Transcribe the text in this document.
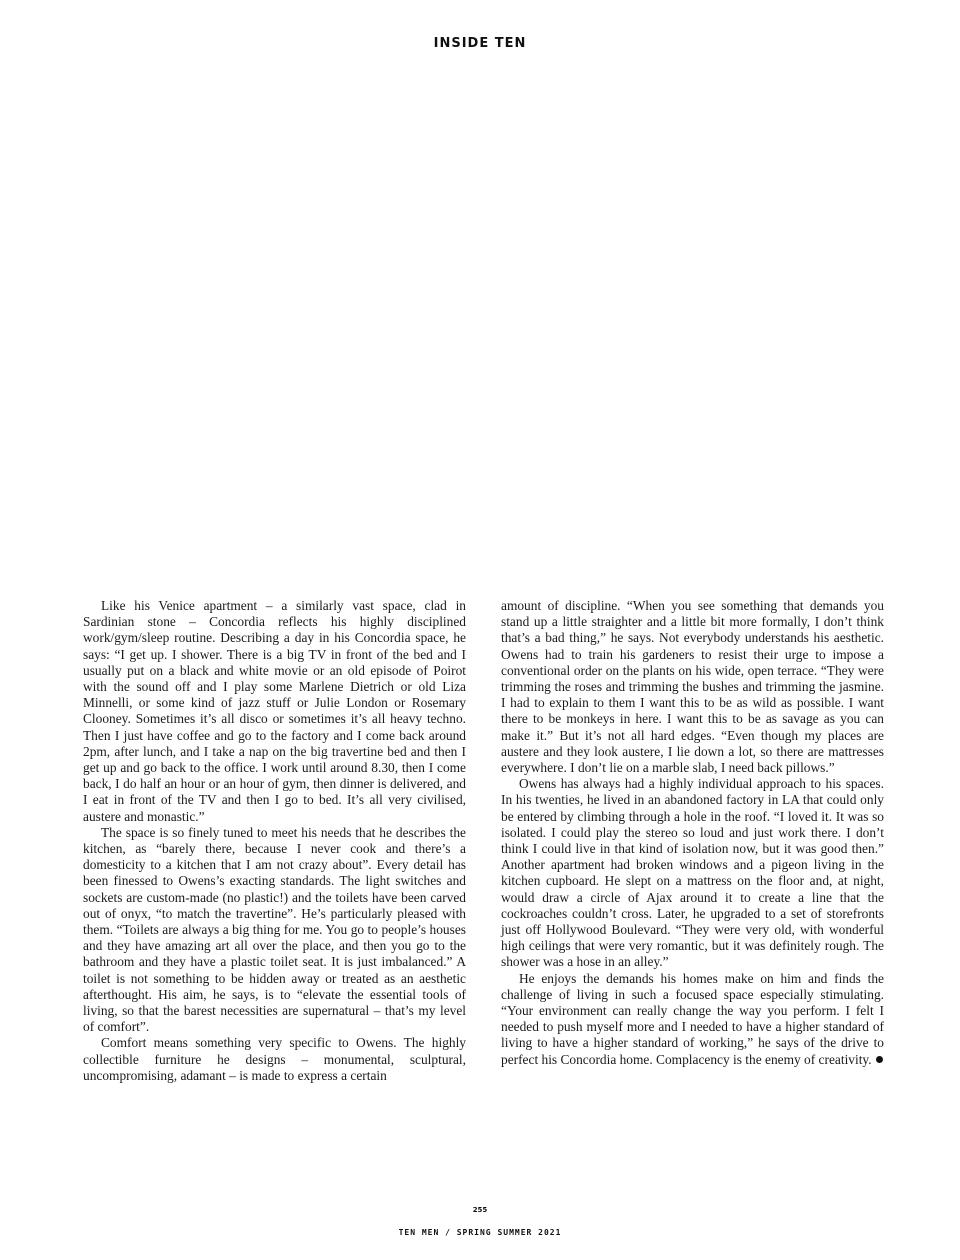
INSIDE TEN

Like his Venice apartment – a similarly vast space, clad in Sardinian stone – Concordia reflects his highly disciplined work/gym/sleep routine. Describing a day in his Concordia space, he says: “I get up. I shower. There is a big TV in front of the bed and I usually put on a black and white movie or an old episode of Poirot with the sound off and I play some Marlene Dietrich or old Liza Minnelli, or some kind of jazz stuff or Julie London or Rosemary Clooney. Sometimes it’s all disco or sometimes it’s all heavy techno. Then I just have coffee and go to the factory and I come back around 2pm, after lunch, and I take a nap on the big travertine bed and then I get up and go back to the office. I work until around 8.30, then I come back, I do half an hour or an hour of gym, then dinner is delivered, and I eat in front of the TV and then I go to bed. It’s all very civilised, austere and monastic.”

The space is so finely tuned to meet his needs that he describes the kitchen, as “barely there, because I never cook and there’s a domesticity to a kitchen that I am not crazy about”. Every detail has been finessed to Owens’s exacting standards. The light switches and sockets are custom-made (no plastic!) and the toilets have been carved out of onyx, “to match the travertine”. He’s particularly pleased with them. “Toilets are always a big thing for me. You go to people’s houses and they have amazing art all over the place, and then you go to the bathroom and they have a plastic toilet seat. It is just imbalanced.” A toilet is not something to be hidden away or treated as an aesthetic afterthought. His aim, he says, is to “elevate the essential tools of living, so that the barest necessities are supernatural – that’s my level of comfort”.

Comfort means something very specific to Owens. The highly collectible furniture he designs – monumental, sculptural, uncompromising, adamant – is made to express a certain

amount of discipline. “When you see something that demands you stand up a little straighter and a little bit more formally, I don’t think that’s a bad thing,” he says. Not everybody understands his aesthetic. Owens had to train his gardeners to resist their urge to impose a conventional order on the plants on his wide, open terrace. “They were trimming the roses and trimming the bushes and trimming the jasmine. I had to explain to them I want this to be as wild as possible. I want there to be monkeys in here. I want this to be as savage as you can make it.” But it’s not all hard edges. “Even though my places are austere and they look austere, I lie down a lot, so there are mattresses everywhere. I don’t lie on a marble slab, I need back pillows.”

Owens has always had a highly individual approach to his spaces. In his twenties, he lived in an abandoned factory in LA that could only be entered by climbing through a hole in the roof. “I loved it. It was so isolated. I could play the stereo so loud and just work there. I don’t think I could live in that kind of isolation now, but it was good then.” Another apartment had broken windows and a pigeon living in the kitchen cupboard. He slept on a mattress on the floor and, at night, would draw a circle of Ajax around it to create a line that the cockroaches couldn’t cross. Later, he upgraded to a set of storefronts just off Hollywood Boulevard. “They were very old, with wonderful high ceilings that were very romantic, but it was definitely rough. The shower was a hose in an alley.”

He enjoys the demands his homes make on him and finds the challenge of living in such a focused space especially stimulating. “Your environment can really change the way you perform. I felt I needed to push myself more and I needed to have a higher standard of living to have a higher standard of working,” he says of the drive to perfect his Concordia home. Complacency is the enemy of creativity.

255
TEN MEN / SPRING SUMMER 2021
